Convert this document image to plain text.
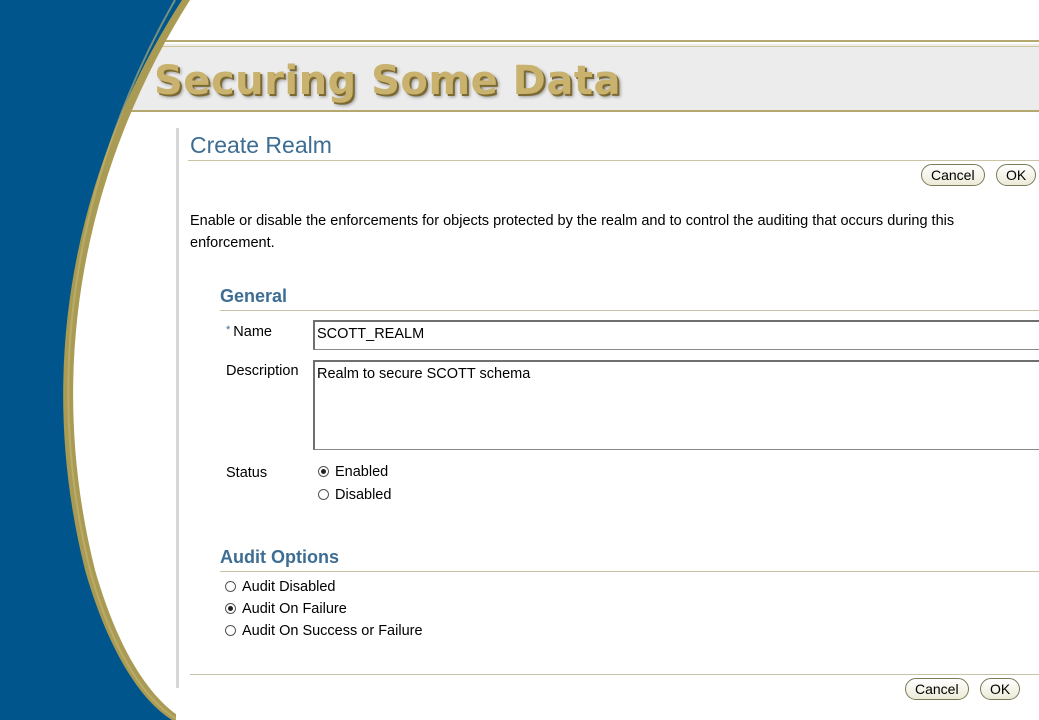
Securing Some Data
Create Realm
Cancel	OK
Enable or disable the enforcements for objects protected by the realm and to control the auditing that occurs during this enforcement.
General
* Name	SCOTT_REALM
Description Realm to secure SCOTT schema
Status	Enabled
Disabled
Audit Options
Audit Disabled
Audit On Failure
Audit On Success or Failure
Cancel	OK
